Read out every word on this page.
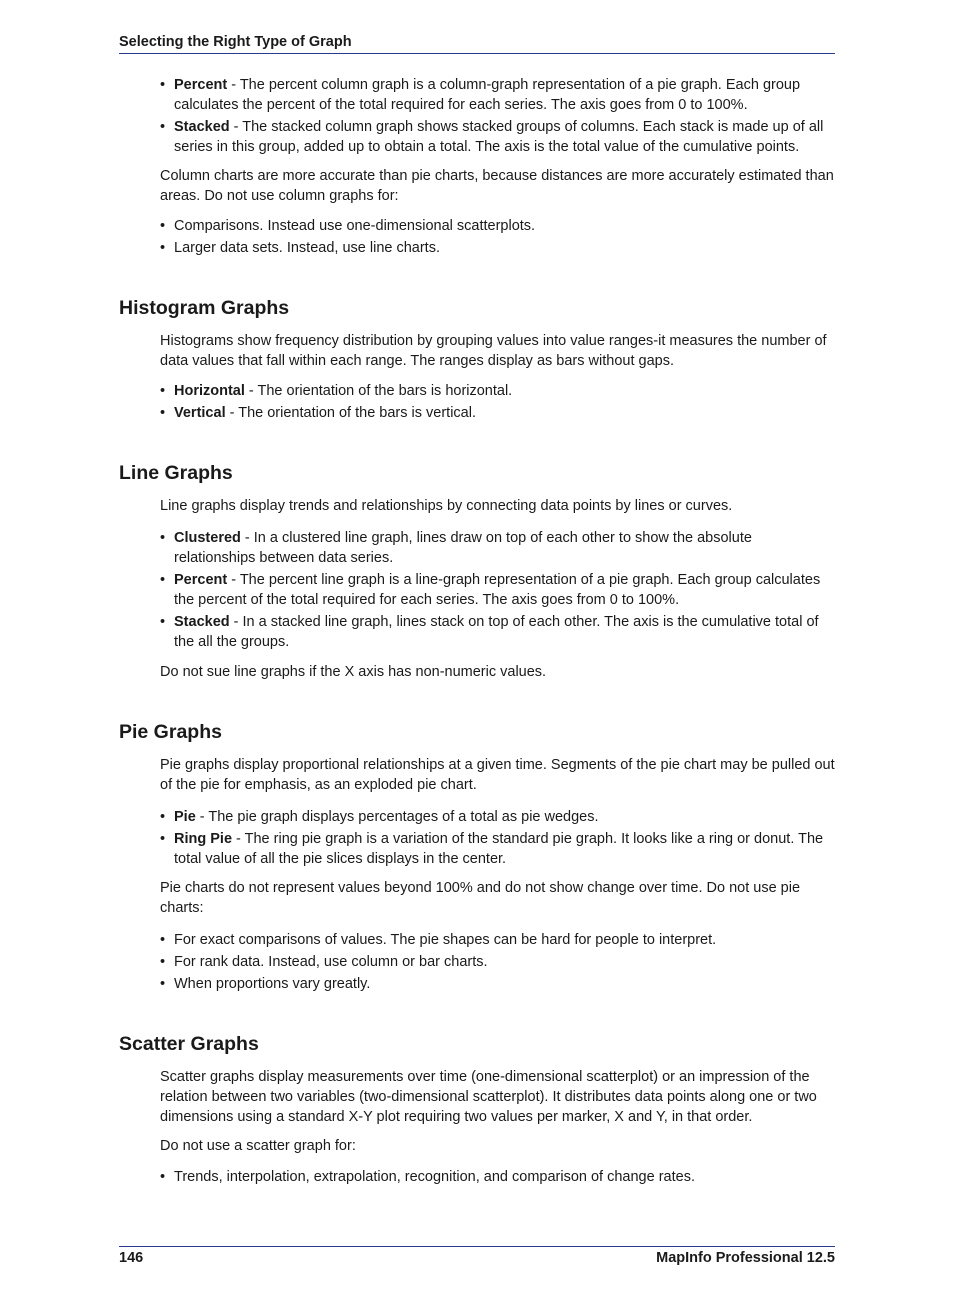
Selecting the Right Type of Graph
• Percent - The percent column graph is a column-graph representation of a pie graph. Each group calculates the percent of the total required for each series. The axis goes from 0 to 100%.
• Stacked - The stacked column graph shows stacked groups of columns. Each stack is made up of all series in this group, added up to obtain a total. The axis is the total value of the cumulative points.

Column charts are more accurate than pie charts, because distances are more accurately estimated than areas. Do not use column graphs for:

• Comparisons. Instead use one-dimensional scatterplots.
• Larger data sets. Instead, use line charts.
Histogram Graphs

Histograms show frequency distribution by grouping values into value ranges-it measures the number of data values that fall within each range. The ranges display as bars without gaps.

• Horizontal - The orientation of the bars is horizontal.
• Vertical - The orientation of the bars is vertical.
Line Graphs

Line graphs display trends and relationships by connecting data points by lines or curves.

• Clustered - In a clustered line graph, lines draw on top of each other to show the absolute relationships between data series.
• Percent - The percent line graph is a line-graph representation of a pie graph. Each group calculates the percent of the total required for each series. The axis goes from 0 to 100%.
• Stacked - In a stacked line graph, lines stack on top of each other. The axis is the cumulative total of the all the groups.

Do not sue line graphs if the X axis has non-numeric values.

Pie Graphs

Pie graphs display proportional relationships at a given time. Segments of the pie chart may be pulled out of the pie for emphasis, as an exploded pie chart.

• Pie - The pie graph displays percentages of a total as pie wedges.
• Ring Pie - The ring pie graph is a variation of the standard pie graph. It looks like a ring or donut. The total value of all the pie slices displays in the center.

Pie charts do not represent values beyond 100% and do not show change over time. Do not use pie charts:

• For exact comparisons of values. The pie shapes can be hard for people to interpret.
• For rank data. Instead, use column or bar charts.
• When proportions vary greatly.
Scatter Graphs

Scatter graphs display measurements over time (one-dimensional scatterplot) or an impression of the relation between two variables (two-dimensional scatterplot). It distributes data points along one or two dimensions using a standard X-Y plot requiring two values per marker, X and Y, in that order.

Do not use a scatter graph for:

• Trends, interpolation, extrapolation, recognition, and comparison of change rates.
146	MapInfo Professional 12.5
